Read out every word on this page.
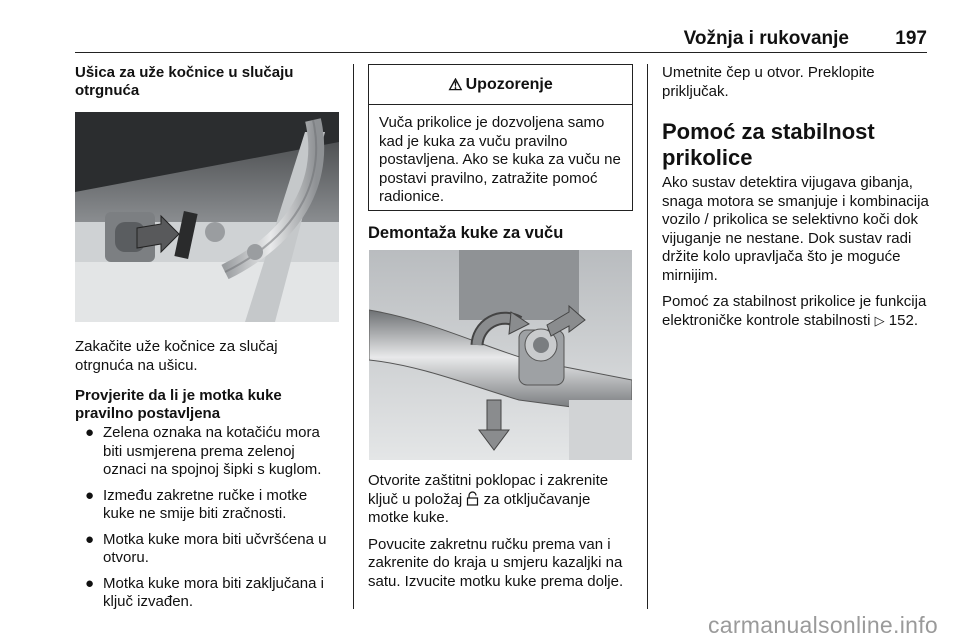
Vožnja i rukovanje 197

Ušica za uže kočnice u slučaju otrgnuća

Zakačite uže kočnice za slučaj otrgnuća na ušicu.

Provjerite da li je motka kuke pravilno postavljena

● Zelena oznaka na kotačiću mora biti usmjerena prema zelenoj oznaci na spojnoj šipki s kuglom.
● Između zakretne ručke i motke kuke ne smije biti zračnosti.
● Motka kuke mora biti učvršćena u otvoru.
● Motka kuke mora biti zaključana i ključ izvađen.
⚠ Upozorenje
Vuča prikolice je dozvoljena samo kad je kuka za vuču pravilno postavljena. Ako se kuka za vuču ne postavi pravilno, zatražite pomoć radionice.

Demontaža kuke za vuču

Otvorite zaštitni poklopac i zakrenite ključ u položaj za otključavanje motke kuke.

Povucite zakretnu ručku prema van i zakrenite do kraja u smjeru kazaljki na satu. Izvucite motku kuke prema dolje.

Umetnite čep u otvor. Preklopite priključak.

Pomoć za stabilnost prikolice

Ako sustav detektira vijugava gibanja, snaga motora se smanjuje i kombinacija vozilo / prikolica se selektivno koči dok vijuganje ne nestane. Dok sustav radi držite kolo upravljača što je moguće mirnijim.

Pomoć za stabilnost prikolice je funkcija elektroničke kontrole stabilnosti ▷ 152.

carmanualsonline.info
